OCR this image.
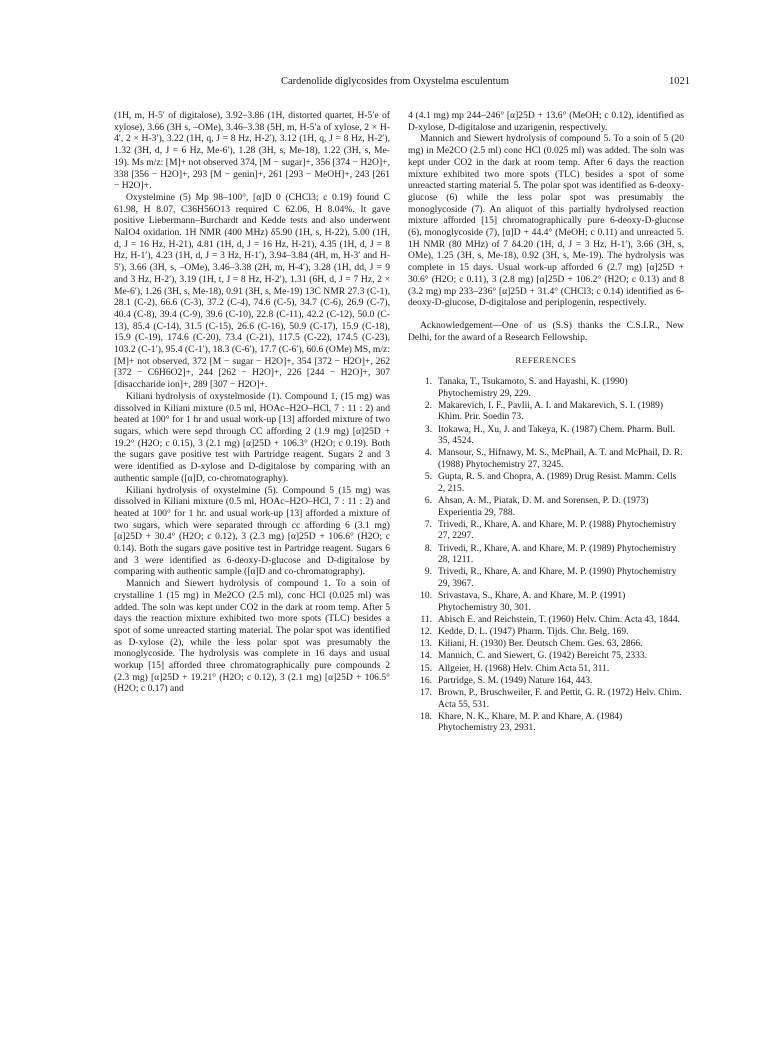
Cardenolide diglycosides from Oxystelma esculentum	1021

(1H, m, H-5′ of digitalose), 3.92–3.86 (1H, distorted quartet, H-5′e of xylose), 3.66 (3H s, –OMe), 3.46–3.38 (5H, m, H-5′a of xylose, 2 × H-4′, 2 × H-3′), 3.22 (1H, q, J = 8 Hz, H-2′), 3.12 (1H, q, J = 8 Hz, H-2′), 1.32 (3H, d, J = 6 Hz, Me-6′), 1.28 (3H, s, Me-18), 1.22 (3H, s, Me-19). Ms m/z: [M]+ not observed 374, [M − sugar]+, 356 [374 − H2O]+, 338 [356 − H2O]+, 293 [M − genin]+, 261 [293 − MeOH]+, 243 [261 − H2O]+.

Oxystelmine (5) Mp 98–100°, [α]D 0 (CHCl3; c 0.19) found C 61.98, H 8.07, C36H56O13 required C 62.06, H 8.04%. It gave positive Liebermann–Burchardt and Kedde tests and also underwent NaIO4 oxidation. 1H NMR (400 MHz) δ5.90 (1H, s, H-22), 5.00 (1H, d, J = 16 Hz, H-21), 4.81 (1H, d, J = 16 Hz, H-21), 4.35 (1H, d, J = 8 Hz, H-1′), 4.23 (1H, d, J = 3 Hz, H-1′), 3.94–3.84 (4H, m, H-3′ and H-5′), 3.66 (3H, s, –OMe), 3.46–3.38 (2H, m, H-4′), 3.28 (1H, dd, J = 9 and 3 Hz, H-2′), 3.19 (1H, t, J = 8 Hz, H-2′), 1.31 (6H, d, J = 7 Hz, 2 × Me-6′), 1.26 (3H, s, Me-18), 0.91 (3H, s, Me-19) 13C NMR 27.3 (C-1), 28.1 (C-2), 66.6 (C-3), 37.2 (C-4), 74.6 (C-5), 34.7 (C-6), 26.9 (C-7), 40.4 (C-8), 39.4 (C-9), 39.6 (C-10), 22.8 (C-11), 42.2 (C-12), 50.0 (C-13), 85.4 (C-14), 31.5 (C-15), 26.6 (C-16), 50.9 (C-17), 15.9 (C-18), 15.9 (C-19), 174.6 (C-20), 73.4 (C-21), 117.5 (C-22), 174.5 (C-23), 103.2 (C-1′), 95.4 (C-1′), 18.3 (C-6′), 17.7 (C-6′), 60.6 (OMe) MS, m/z: [M]+ not observed, 372 [M − sugar − H2O]+, 354 [372 − H2O]+, 262 [372 − C6H6O2]+, 244 [262 − H2O]+, 226 [244 − H2O]+, 307 [disaccharide ion]+, 289 [307 − H2O]+.

Kiliani hydrolysis of oxystelmoside (1). Compound 1, (15 mg) was dissolved in Kiliani mixture (0.5 ml, HOAc–H2O–HCl, 7 : 11 : 2) and heated at 100° for 1 hr and usual work-up [13] afforded mixture of two sugars, which were sepd through CC affording 2 (1.9 mg) [α]25D + 19.2° (H2O; c 0.15), 3 (2.1 mg) [α]25D + 106.3° (H2O; c 0.19). Both the sugars gave positive test with Partridge reagent. Sugars 2 and 3 were identified as D-xylose and D-digitalose by comparing with an authentic sample ([α]D, co-chromatography).

Kiliani hydrolysis of oxystelmine (5). Compound 5 (15 mg) was dissolved in Kiliani mixture (0.5 ml, HOAc–H2O–HCl, 7 : 11 : 2) and heated at 100° for 1 hr. and usual work-up [13] afforded a mixture of two sugars, which were separated through cc affording 6 (3.1 mg) [α]25D + 30.4° (H2O; c 0.12), 3 (2.3 mg) [α]25D + 106.6° (H2O; c 0.14). Both the sugars gave positive test in Partridge reagent. Sugars 6 and 3 were identified as 6-deoxy-D-glucose and D-digitalose by comparing with authentic sample ([α]D and co-chromatography).

Mannich and Siewert hydrolysis of compound 1. To a soin of crystalline 1 (15 mg) in Me2CO (2.5 ml), conc HCl (0.025 ml) was added. The soln was kept under CO2 in the dark at room temp. After 5 days the reaction mixture exhibited two more spots (TLC) besides a spot of some unreacted starting material. The polar spot was identified as D-xylose (2), while the less polar spot was presumably the monoglycoside. The hydrolysis was complete in 16 days and usual workup [15] afforded three chromatographically pure compounds 2 (2.3 mg) [α]25D + 19.21° (H2O; c 0.12), 3 (2.1 mg) [α]25D + 106.5° (H2O; c 0.17) and

4 (4.1 mg) mp 244–246° [α]25D + 13.6° (MeOH; c 0.12), identified as D-xylose, D-digitalose and uzarigenin, respectively.

Mannich and Siewert hydrolysis of compound 5. To a soin of 5 (20 mg) in Me2CO (2.5 ml) conc HCl (0.025 ml) was added. The soln was kept under CO2 in the dark at room temp. After 6 days the reaction mixture exhibited two more spots (TLC) besides a spot of some unreacted starting material 5. The polar spot was identified as 6-deoxy-glucose (6) while the less polar spot was presumably the monoglycoside (7). An aliquot of this partially hydrolysed reaction mixture afforded [15] chromatographically pure 6-deoxy-D-glucose (6), monoglycoside (7), [α]D + 44.4° (MeOH; c 0.11) and unreacted 5. 1H NMR (80 MHz) of 7 δ4.20 (1H, d, J = 3 Hz, H-1′), 3.66 (3H, s, OMe), 1.25 (3H, s, Me-18), 0.92 (3H, s, Me-19). The hydrolysis was complete in 15 days. Usual work-up afforded 6 (2.7 mg) [α]25D + 30.6° (H2O; c 0.11), 3 (2.8 mg) [α]25D + 106.2° (H2O; c 0.13) and 8 (3.2 mg) mp 233–236° [α]25D + 31.4° (CHCl3; c 0.14) identified as 6-deoxy-D-glucose, D-digitalose and periplogenin, respectively.

Acknowledgement—One of us (S.S) thanks the C.S.I.R., New Delhi, for the award of a Research Fellowship.

REFERENCES
1. Tanaka, T., Tsukamoto, S. and Hayashi, K. (1990) Phytochemistry 29, 229.
2. Makarevich, I. F., Pavlii, A. I. and Makarevich, S. I. (1989) Khim. Prir. Soedin 73.
3. Itokawa, H., Xu, J. and Takeya, K. (1987) Chem. Pharm. Bull. 35, 4524.
4. Mansour, S., Hifnawy, M. S., McPhail, A. T. and McPhail, D. R. (1988) Phytochemistry 27, 3245.
5. Gupta, R. S. and Chopra, A. (1989) Drug Resist. Mamm. Cells 2, 215.
6. Ahsan, A. M., Piatak, D. M. and Sorensen, P. D. (1973) Experientia 29, 788.
7. Trivedi, R., Khare, A. and Khare, M. P. (1988) Phytochemistry 27, 2297.
8. Trivedi, R., Khare, A. and Khare, M. P. (1989) Phytochemistry 28, 1211.
9. Trivedi, R., Khare, A. and Khare, M. P. (1990) Phytochemistry 29, 3967.
10. Srivastava, S., Khare, A. and Khare, M. P. (1991) Phytochemistry 30, 301.
11. Abisch E. and Reichstein, T. (1960) Helv. Chim. Acta 43, 1844.
12. Kedde, D. L. (1947) Pharm. Tijds. Chr. Belg. 169.
13. Kiliani, H. (1930) Ber. Deutsch Chem. Ges. 63, 2866.
14. Mannich, C. and Siewert, G. (1942) Bereicht 75, 2333.
15. Allgeier, H. (1968) Helv. Chim Acta 51, 311.
16. Partridge, S. M. (1949) Nature 164, 443.
17. Brown, P., Bruschweiler, F. and Pettit, G. R. (1972) Helv. Chim. Acta 55, 531.
18. Khare, N. K., Khare, M. P. and Khare, A. (1984) Phytochemistry 23, 2931.
